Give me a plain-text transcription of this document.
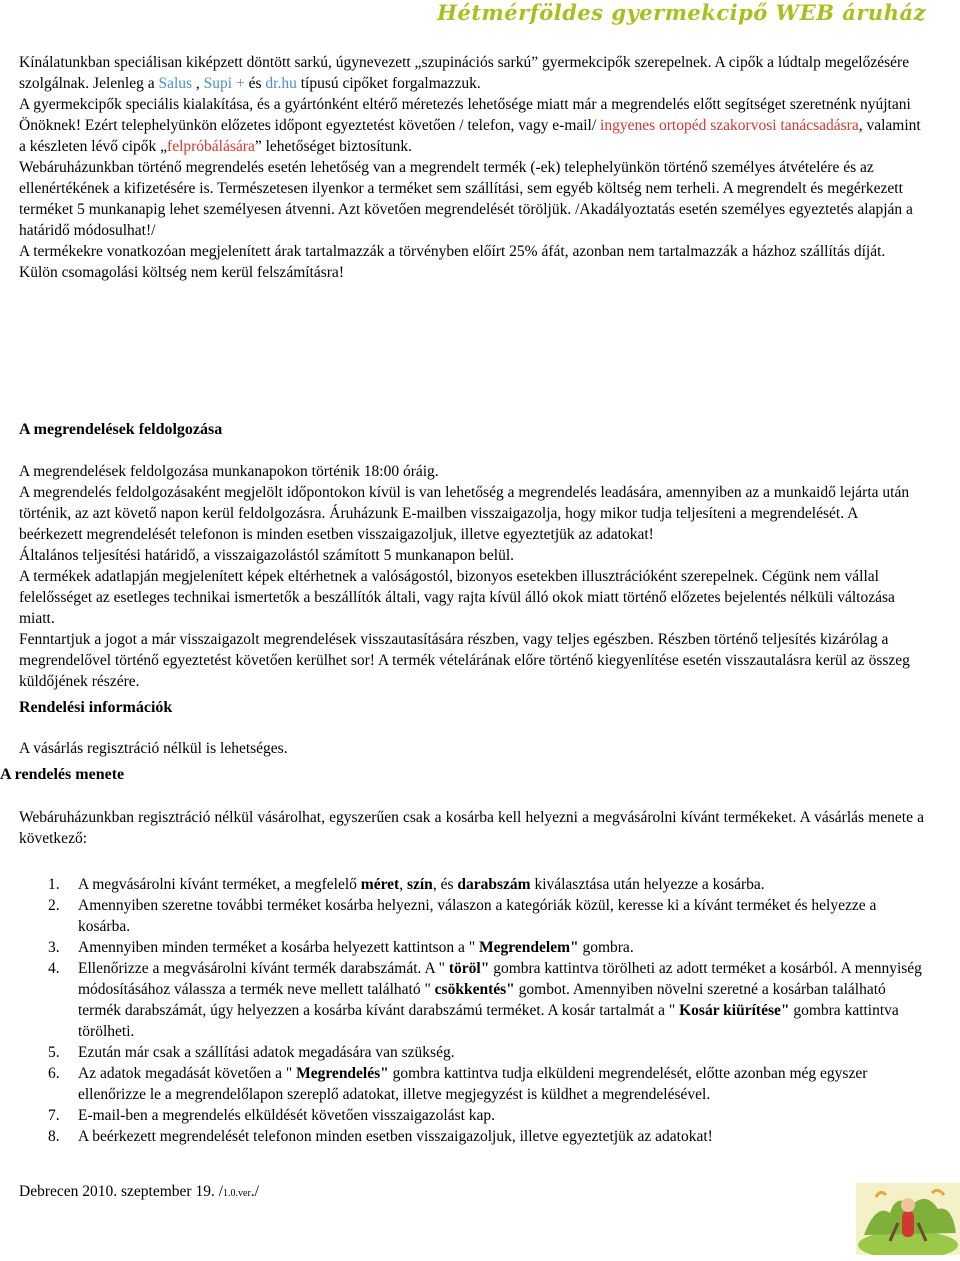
Hétmérföldes gyermekcipő WEB áruház

Kínálatunkban speciálisan kiképzett döntött sarkú, úgynevezett „szupinációs sarkú” gyermekcipők szerepelnek. A cipők a lúdtalp megelőzésére szolgálnak. Jelenleg a Salus , Supi + és dr.hu típusú cipőket forgalmazzuk.

A gyermekcipők speciális kialakítása, és a gyártónként eltérő méretezés lehetősége miatt már a megrendelés előtt segítséget szeretnénk nyújtani Önöknek! Ezért telephelyünkön előzetes időpont egyeztetést követően / telefon, vagy e-mail/ ingyenes ortopéd szakorvosi tanácsadásra, valamint a készleten lévő cipők „felpróbálására” lehetőséget biztosítunk.

Webáruházunkban történő megrendelés esetén lehetőség van a megrendelt termék (-ek) telephelyünkön történő személyes átvételére és az ellenértékének a kifizetésére is. Természetesen ilyenkor a terméket sem szállítási, sem egyéb költség nem terheli. A megrendelt és megérkezett terméket 5 munkanapig lehet személyesen átvenni. Azt követően megrendelését töröljük. /Akadályoztatás esetén személyes egyeztetés alapján a határidő módosulhat!/

A termékekre vonatkozóan megjelenített árak tartalmazzák a törvényben előírt 25% áfát, azonban nem tartalmazzák a házhoz szállítás díját. Külön csomagolási költség nem kerül felszámításra!

Rendelési információk

A vásárlás regisztráció nélkül is lehetséges.

A megrendelések feldolgozása

A megrendelések feldolgozása munkanapokon történik 18:00 óráig.

A megrendelés feldolgozásaként megjelölt időpontokon kívül is van lehetőség a megrendelés leadására, amennyiben az a munkaidő lejárta után történik, az azt követő napon kerül feldolgozásra. Áruházunk E-mailben visszaigazolja, hogy mikor tudja teljesíteni a megrendelését. A beérkezett megrendelését telefonon is minden esetben visszaigazoljuk, illetve egyeztetjük az adatokat!

Általános teljesítési határidő, a visszaigazolástól számított 5 munkanapon belül.

A termékek adatlapján megjelenített képek eltérhetnek a valóságostól, bizonyos esetekben illusztrációként szerepelnek. Cégünk nem vállal felelősséget az esetleges technikai ismertetők a beszállítók általi, vagy rajta kívül álló okok miatt történő előzetes bejelentés nélküli változása miatt.

Fenntartjuk a jogot a már visszaigazolt megrendelések visszautasítására részben, vagy teljes egészben. Részben történő teljesítés kizárólag a megrendelővel történő egyeztetést követően kerülhet sor! A termék vételárának előre történő kiegyenlítése esetén visszautalásra kerül az összeg küldőjének részére.

A rendelés menete

Webáruházunkban regisztráció nélkül vásárolhat, egyszerűen csak a kosárba kell helyezni a megvásárolni kívánt termékeket. A vásárlás menete a következő:

1. A megvásárolni kívánt terméket, a megfelelő méret, szín, és darabszám kiválasztása után helyezze a kosárba.
2. Amennyiben szeretne további terméket kosárba helyezni, válaszon a kategóriák közül, keresse ki a kívánt terméket és helyezze a kosárba.
3. Amennyiben minden terméket a kosárba helyezett kattintson a " Megrendelem" gombra.
4. Ellenőrizze a megvásárolni kívánt termék darabszámát. A " töröl" gombra kattintva törölheti az adott terméket a kosárból. A mennyiség módosításához válassza a termék neve mellett található " csökkentés" gombot. Amennyiben növelni szeretné a kosárban található termék darabszámát, úgy helyezzen a kosárba kívánt darabszámú terméket. A kosár tartalmát a " Kosár kiürítése" gombra kattintva törölheti.
5. Ezután már csak a szállítási adatok megadására van szükség.
6. Az adatok megadását követően a " Megrendelés" gombra kattintva tudja elküldeni megrendelését, előtte azonban még egyszer ellenőrizze le a megrendelőlapon szereplő adatokat, illetve megjegyzést is küldhet a megrendelésével.
7. E-mail-ben a megrendelés elküldését követően visszaigazolást kap.
8. A beérkezett megrendelését telefonon minden esetben visszaigazoljuk, illetve egyeztetjük az adatokat!
Debrecen 2010. szeptember 19. /1.0.ver./
